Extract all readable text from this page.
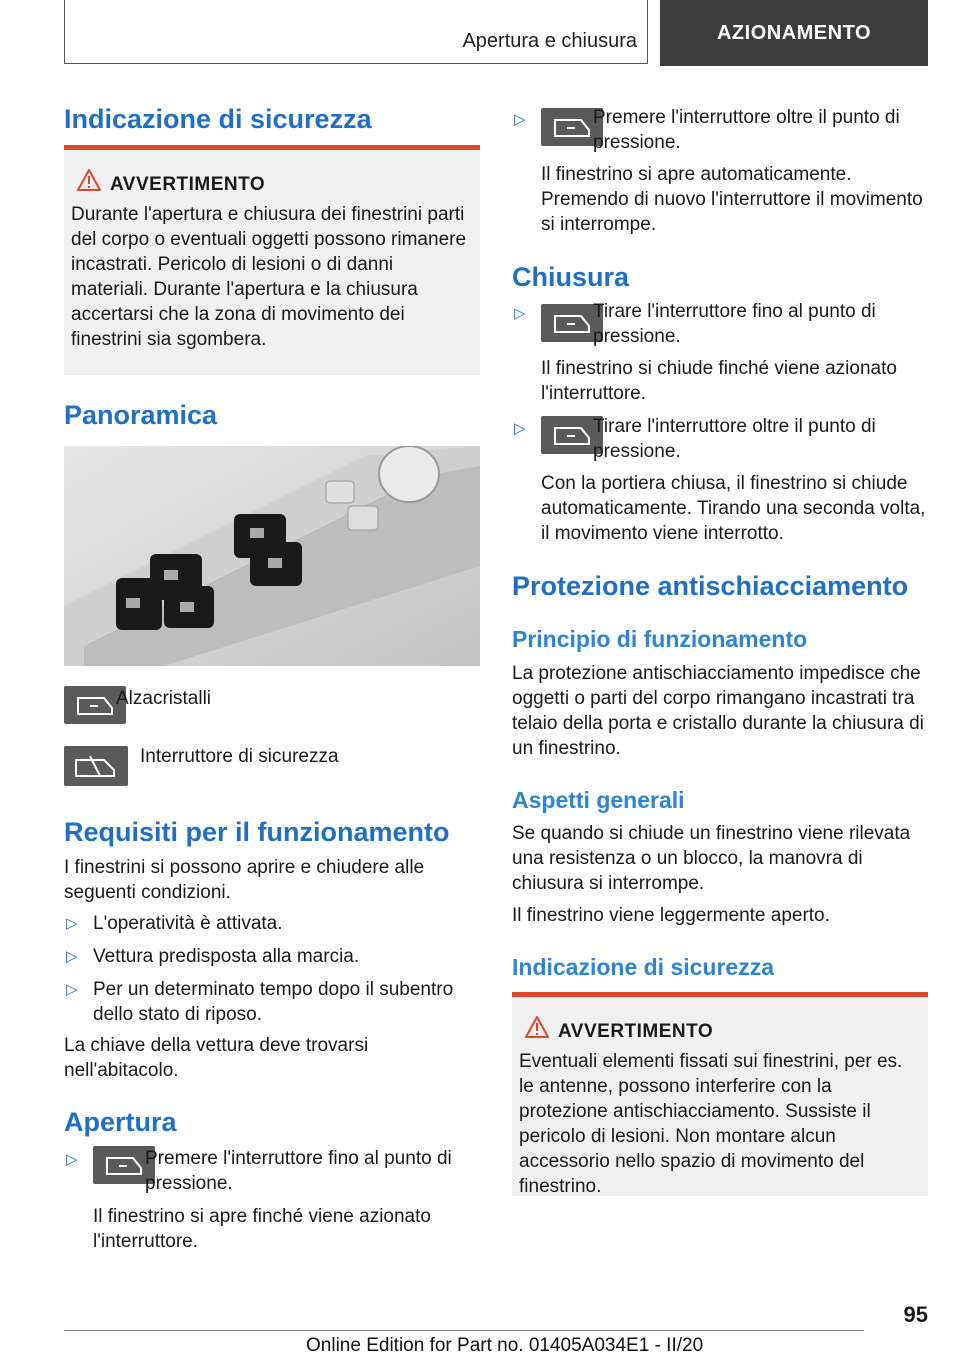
Apertura e chiusura	AZIONAMENTO
Indicazione di sicurezza
AVVERTIMENTO
Durante l'apertura e chiusura dei finestrini parti del corpo o eventuali oggetti possono rimanere incastrati. Pericolo di lesioni o di danni materiali. Durante l'apertura e la chiusura accertarsi che la zona di movimento dei finestrini sia sgombera.
Panoramica
Alzacristalli
Interruttore di sicurezza
Requisiti per il funzionamento
I finestrini si possono aprire e chiudere alle seguenti condizioni.
▷ L'operatività è attivata.
▷ Vettura predisposta alla marcia.
▷ Per un determinato tempo dopo il subentro dello stato di riposo.
La chiave della vettura deve trovarsi nell'abitacolo.
Apertura
▷	Premere l'interruttore fino al punto di pressione.
Il finestrino si apre finché viene azionato l'interruttore.
▷	Premere l'interruttore oltre il punto di pressione.
Il finestrino si apre automaticamente. Premendo di nuovo l'interruttore il movimento si interrompe.
Chiusura
▷	Tirare l'interruttore fino al punto di pressione.
Il finestrino si chiude finché viene azionato l'interruttore.
▷	Tirare l'interruttore oltre il punto di pressione.
Con la portiera chiusa, il finestrino si chiude automaticamente. Tirando una seconda volta, il movimento viene interrotto.
Protezione antischiacciamento
Principio di funzionamento
La protezione antischiacciamento impedisce che oggetti o parti del corpo rimangano incastrati tra telaio della porta e cristallo durante la chiusura di un finestrino.
Aspetti generali
Se quando si chiude un finestrino viene rilevata una resistenza o un blocco, la manovra di chiusura si interrompe.
Il finestrino viene leggermente aperto.
Indicazione di sicurezza
AVVERTIMENTO
Eventuali elementi fissati sui finestrini, per es. le antenne, possono interferire con la protezione antischiacciamento. Sussiste il pericolo di lesioni. Non montare alcun accessorio nello spazio di movimento del finestrino.
95
Online Edition for Part no. 01405A034E1 - II/20
